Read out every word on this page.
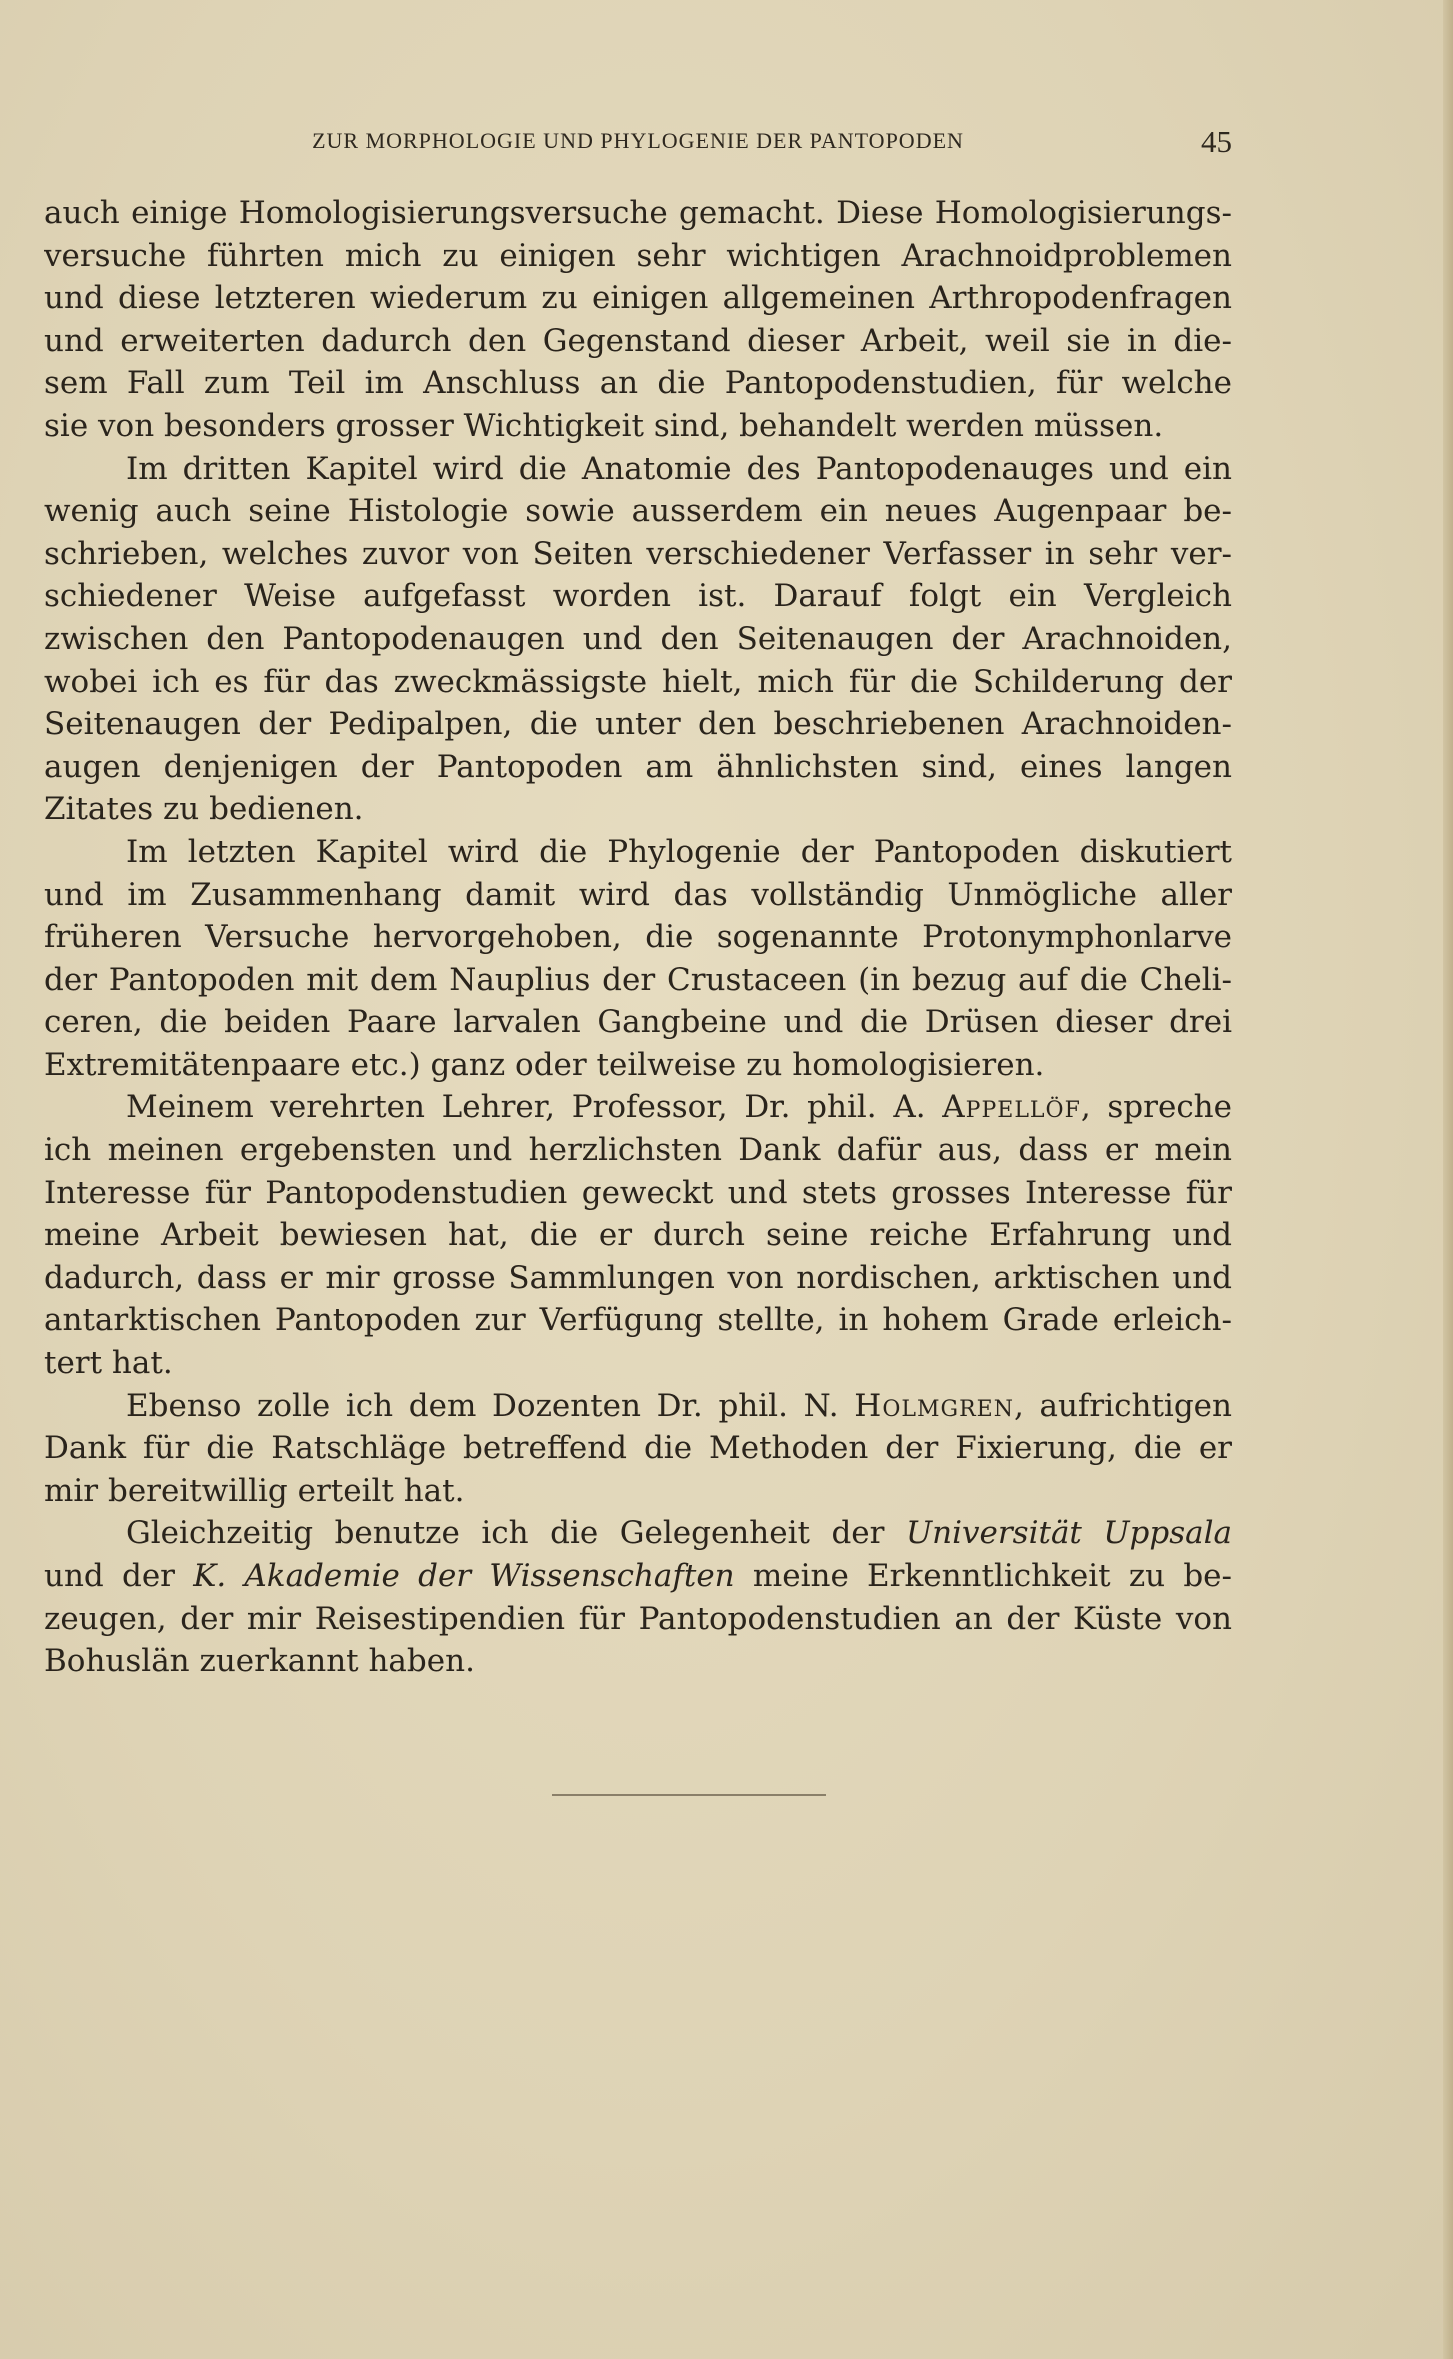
ZUR MORPHOLOGIE UND PHYLOGENIE DER PANTOPODEN	45
auch einige Homologisierungsversuche gemacht. Diese Homologisierungs-
versuche führten mich zu einigen sehr wichtigen Arachnoidproblemen
und diese letzteren wiederum zu einigen allgemeinen Arthropodenfragen
und erweiterten dadurch den Gegenstand dieser Arbeit, weil sie in die-
sem Fall zum Teil im Anschluss an die Pantopodenstudien, für welche
sie von besonders grosser Wichtigkeit sind, behandelt werden müssen.
Im dritten Kapitel wird die Anatomie des Pantopodenauges und ein
wenig auch seine Histologie sowie ausserdem ein neues Augenpaar be-
schrieben, welches zuvor von Seiten verschiedener Verfasser in sehr ver-
schiedener Weise aufgefasst worden ist. Darauf folgt ein Vergleich
zwischen den Pantopodenaugen und den Seitenaugen der Arachnoiden,
wobei ich es für das zweckmässigste hielt, mich für die Schilderung der
Seitenaugen der Pedipalpen, die unter den beschriebenen Arachnoiden-
augen denjenigen der Pantopoden am ähnlichsten sind, eines langen
Zitates zu bedienen.
Im letzten Kapitel wird die Phylogenie der Pantopoden diskutiert
und im Zusammenhang damit wird das vollständig Unmögliche aller
früheren Versuche hervorgehoben, die sogenannte Protonymphonlarve
der Pantopoden mit dem Nauplius der Crustaceen (in bezug auf die Cheli-
ceren, die beiden Paare larvalen Gangbeine und die Drüsen dieser drei
Extremitätenpaare etc.) ganz oder teilweise zu homologisieren.
Meinem verehrten Lehrer, Professor, Dr. phil. A. Appellöf, spreche
ich meinen ergebensten und herzlichsten Dank dafür aus, dass er mein
Interesse für Pantopodenstudien geweckt und stets grosses Interesse für
meine Arbeit bewiesen hat, die er durch seine reiche Erfahrung und
dadurch, dass er mir grosse Sammlungen von nordischen, arktischen und
antarktischen Pantopoden zur Verfügung stellte, in hohem Grade erleich-
tert hat.
Ebenso zolle ich dem Dozenten Dr. phil. N. Holmgren, aufrichtigen
Dank für die Ratschläge betreffend die Methoden der Fixierung, die er
mir bereitwillig erteilt hat.
Gleichzeitig benutze ich die Gelegenheit der Universität Uppsala
und der K. Akademie der Wissenschaften meine Erkenntlichkeit zu be-
zeugen, der mir Reisestipendien für Pantopodenstudien an der Küste von
Bohuslän zuerkannt haben.
